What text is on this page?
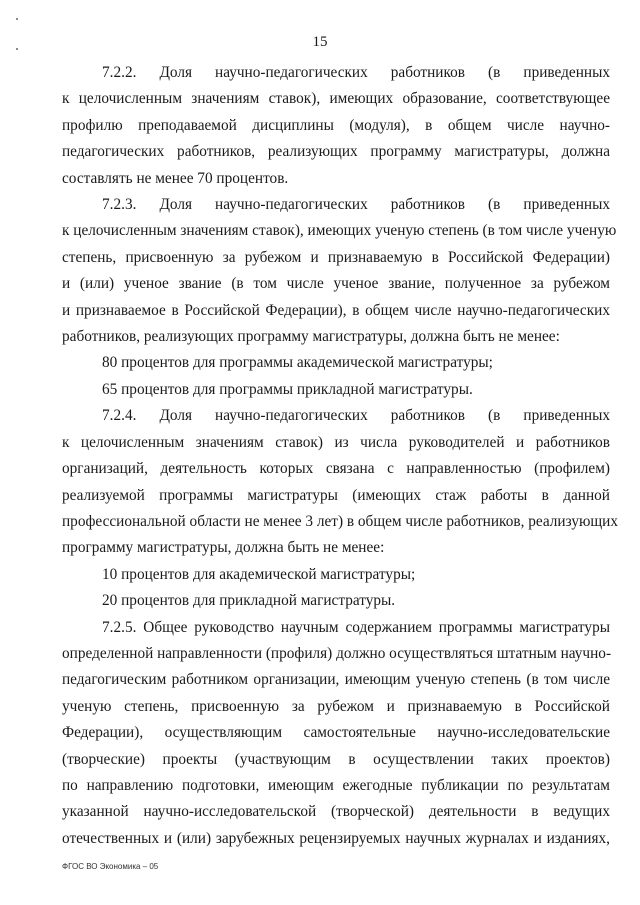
15

7.2.2. Доля научно-педагогических работников (в приведенных
к целочисленным значениям ставок), имеющих образование, соответствующее
профилю преподаваемой дисциплины (модуля), в общем числе научно-
педагогических работников, реализующих программу магистратуры, должна
составлять не менее 70 процентов.

7.2.3. Доля научно-педагогических работников (в приведенных
к целочисленным значениям ставок), имеющих ученую степень (в том числе ученую
степень, присвоенную за рубежом и признаваемую в Российской Федерации)
и (или) ученое звание (в том числе ученое звание, полученное за рубежом
и признаваемое в Российской Федерации), в общем числе научно-педагогических
работников, реализующих программу магистратуры, должна быть не менее:

80 процентов для программы академической магистратуры;

65 процентов для программы прикладной магистратуры.

7.2.4. Доля научно-педагогических работников (в приведенных
к целочисленным значениям ставок) из числа руководителей и работников
организаций, деятельность которых связана с направленностью (профилем)
реализуемой программы магистратуры (имеющих стаж работы в данной
профессиональной области не менее 3 лет) в общем числе работников, реализующих
программу магистратуры, должна быть не менее:

10 процентов для академической магистратуры;

20 процентов для прикладной магистратуры.

7.2.5. Общее руководство научным содержанием программы магистратуры
определенной направленности (профиля) должно осуществляться штатным научно-
педагогическим работником организации, имеющим ученую степень (в том числе
ученую степень, присвоенную за рубежом и признаваемую в Российской
Федерации), осуществляющим самостоятельные научно-исследовательские
(творческие) проекты (участвующим в осуществлении таких проектов)
по направлению подготовки, имеющим ежегодные публикации по результатам
указанной научно-исследовательской (творческой) деятельности в ведущих
отечественных и (или) зарубежных рецензируемых научных журналах и изданиях,

ФГОС ВО Экономика – 05
